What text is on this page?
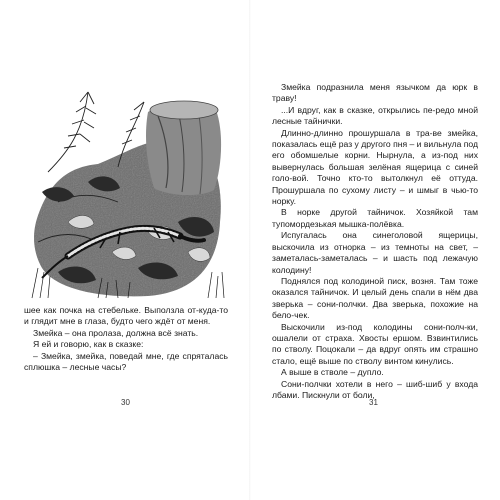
шее как почка на стебельке. Выползла от-куда-то и глядит мне в глаза, будто чего ждёт от меня.
Змейка – она пролаза, должна всё знать.
Я ей и говорю, как в сказке:
– Змейка, змейка, поведай мне, где спряталась сплюшка – лесные часы?
30
Змейка подразнила меня язычком да юрк в траву!
...И вдруг, как в сказке, открылись пе-редо мной лесные тайнички.
Длинно-длинно прошуршала в тра-ве змейка, показалась ещё раз у другого пня – и вильнула под его обомшелые корни. Нырнула, а из-под них вывернулась большая зелёная ящерица с синей голо-вой. Точно кто-то вытолкнул её оттуда. Прошуршала по сухому листу – и шмыг в чью-то норку.
В норке другой тайничок. Хозяйкой там тупомордезькая мышка-полёвка.
Испугалась она синеголовой ящерицы, выскочила из отнорка – из темноты на свет, – заметалась-заметалась – и шасть под лежачую колодину!
Поднялся под колодиной писк, возня. Там тоже оказался тайничок. И целый день спали в нём два зверька – сони-полчки. Два зверька, похожие на бело-чек.
Выскочили из-под колодины сони-полч-ки, ошалели от страха. Хвосты ершом. Взвинтились по стволу. Поцокали – да вдруг опять им страшно стало, ещё выше по стволу винтом кинулись.
А выше в стволе – дупло.
Сони-полчки хотели в него – шиб-шиб у входа лбами. Пискнули от боли,
31
